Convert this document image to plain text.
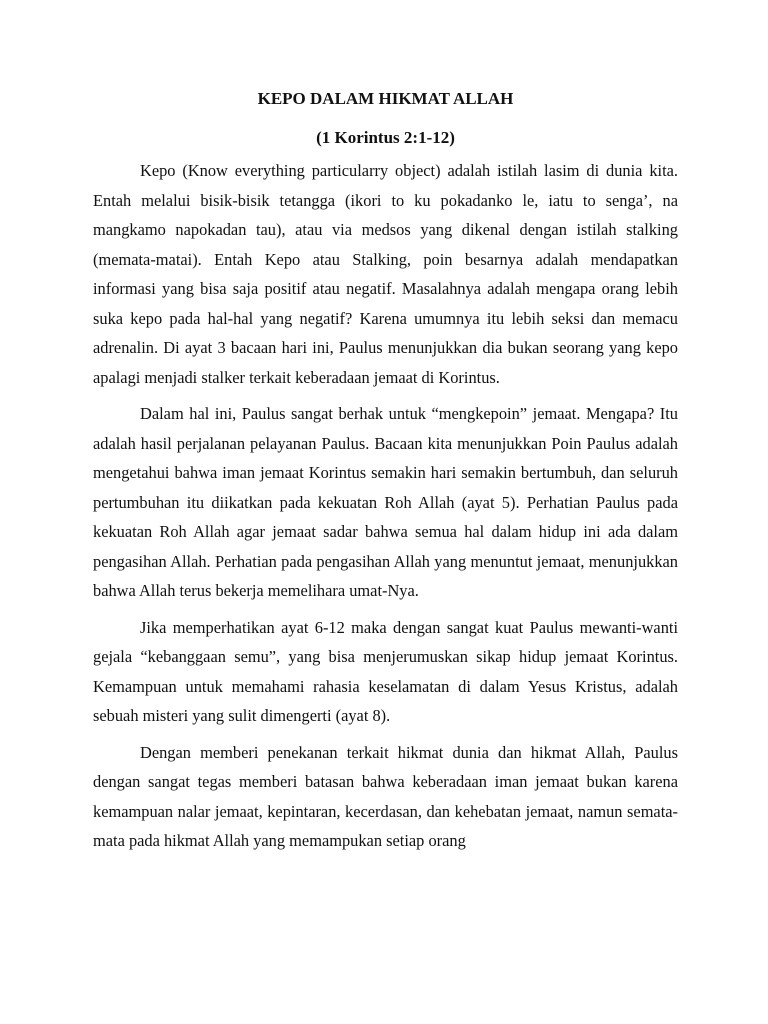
KEPO DALAM HIKMAT ALLAH

(1 Korintus 2:1-12)

Kepo (Know everything particularry object) adalah istilah lasim di dunia kita. Entah melalui bisik-bisik tetangga (ikori to ku pokadanko le, iatu to senga’, na mangkamo napokadan tau), atau via medsos yang dikenal dengan istilah stalking (memata-matai). Entah Kepo atau Stalking, poin besarnya adalah mendapatkan informasi yang bisa saja positif atau negatif. Masalahnya adalah mengapa orang lebih suka kepo pada hal-hal yang negatif? Karena umumnya itu lebih seksi dan memacu adrenalin. Di ayat 3 bacaan hari ini, Paulus menunjukkan dia bukan seorang yang kepo apalagi menjadi stalker terkait keberadaan jemaat di Korintus.

Dalam hal ini, Paulus sangat berhak untuk “mengkepoin” jemaat. Mengapa? Itu adalah hasil perjalanan pelayanan Paulus. Bacaan kita menunjukkan Poin Paulus adalah mengetahui bahwa iman jemaat Korintus semakin hari semakin bertumbuh, dan seluruh pertumbuhan itu diikatkan pada kekuatan Roh Allah (ayat 5). Perhatian Paulus pada kekuatan Roh Allah agar jemaat sadar bahwa semua hal dalam hidup ini ada dalam pengasihan Allah. Perhatian pada pengasihan Allah yang menuntut jemaat, menunjukkan bahwa Allah terus bekerja memelihara umat-Nya.

Jika memperhatikan ayat 6-12 maka dengan sangat kuat Paulus mewanti-wanti gejala “kebanggaan semu”, yang bisa menjerumuskan sikap hidup jemaat Korintus. Kemampuan untuk memahami rahasia keselamatan di dalam Yesus Kristus, adalah sebuah misteri yang sulit dimengerti (ayat 8).

Dengan memberi penekanan terkait hikmat dunia dan hikmat Allah, Paulus dengan sangat tegas memberi batasan bahwa keberadaan iman jemaat bukan karena kemampuan nalar jemaat, kepintaran, kecerdasan, dan kehebatan jemaat, namun semata-mata pada hikmat Allah yang memampukan setiap orang
